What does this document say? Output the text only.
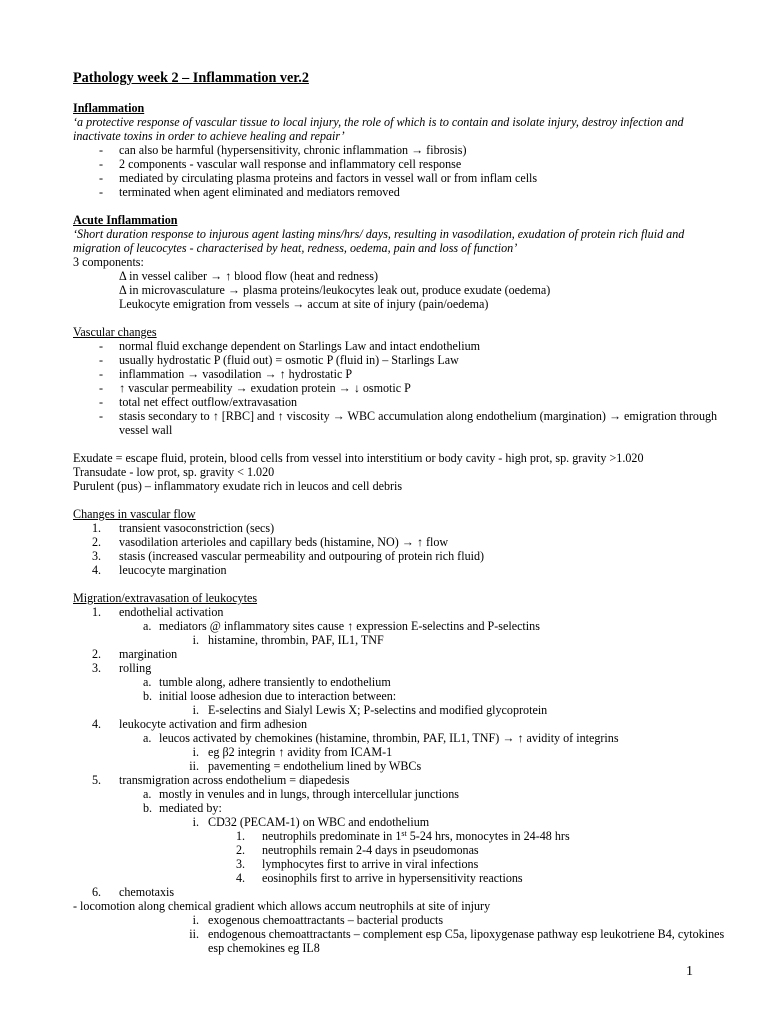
Pathology week 2 – Inflammation ver.2

Inflammation

‘a protective response of vascular tissue to local injury, the role of which is to contain and isolate injury, destroy infection and inactivate toxins in order to achieve healing and repair’

-	can also be harmful (hypersensitivity, chronic inflammation → fibrosis)
-	2 components - vascular wall response and inflammatory cell response
-	mediated by circulating plasma proteins and factors in vessel wall or from inflam cells
-	terminated when agent eliminated and mediators removed

Acute Inflammation

‘Short duration response to injurous agent lasting mins/hrs/ days, resulting in vasodilation, exudation of protein rich fluid and migration of leucocytes - characterised by heat, redness, oedema, pain and loss of function’

3 components:

Δ in vessel caliber → ↑ blood flow (heat and redness)

Δ in microvasculature → plasma proteins/leukocytes leak out, produce exudate (oedema)

Leukocyte emigration from vessels → accum at site of injury (pain/oedema)

Vascular changes

-	normal fluid exchange dependent on Starlings Law and intact endothelium
-	usually hydrostatic P (fluid out) = osmotic P (fluid in) – Starlings Law
-	inflammation → vasodilation → ↑ hydrostatic P
-	↑ vascular permeability → exudation protein → ↓ osmotic P
-	total net effect outflow/extravasation
-	stasis secondary to ↑ [RBC] and ↑ viscosity → WBC accumulation along endothelium (margination) → emigration through vessel wall

Exudate = escape fluid, protein, blood cells from vessel into interstitium or body cavity - high prot, sp. gravity >1.020

Transudate - low prot, sp. gravity < 1.020

Purulent (pus) – inflammatory exudate rich in leucos and cell debris

Changes in vascular flow

1.	transient vasoconstriction (secs)
2.	vasodilation arterioles and capillary beds (histamine, NO) → ↑ flow
3.	stasis (increased vascular permeability and outpouring of protein rich fluid)
4.	leucocyte margination

Migration/extravasation of leukocytes

1.	endothelial activation
a. mediators @ inflammatory sites cause ↑ expression E-selectins and P-selectins
i. histamine, thrombin, PAF, IL1, TNF
2.	margination
3.	rolling
a. tumble along, adhere transiently to endothelium
b. initial loose adhesion due to interaction between:
i. E-selectins and Sialyl Lewis X; P-selectins and modified glycoprotein
4.	leukocyte activation and firm adhesion
a. leucos activated by chemokines (histamine, thrombin, PAF, IL1, TNF) → ↑ avidity of integrins
i. eg β2 integrin ↑ avidity from ICAM-1
ii. pavementing = endothelium lined by WBCs
5.	transmigration across endothelium = diapedesis
a. mostly in venules and in lungs, through intercellular junctions
b. mediated by:
i. CD32 (PECAM-1) on WBC and endothelium
1.	neutrophils predominate in 1st 5-24 hrs, monocytes in 24-48 hrs
2.	neutrophils remain 2-4 days in pseudomonas
3.	lymphocytes first to arrive in viral infections
4.	eosinophils first to arrive in hypersensitivity reactions
6.	chemotaxis

- locomotion along chemical gradient which allows accum neutrophils at site of injury

i. exogenous chemoattractants – bacterial products
ii. endogenous chemoattractants – complement esp C5a, lipoxygenase pathway esp leukotriene B4, cytokines esp chemokines eg IL8
1
